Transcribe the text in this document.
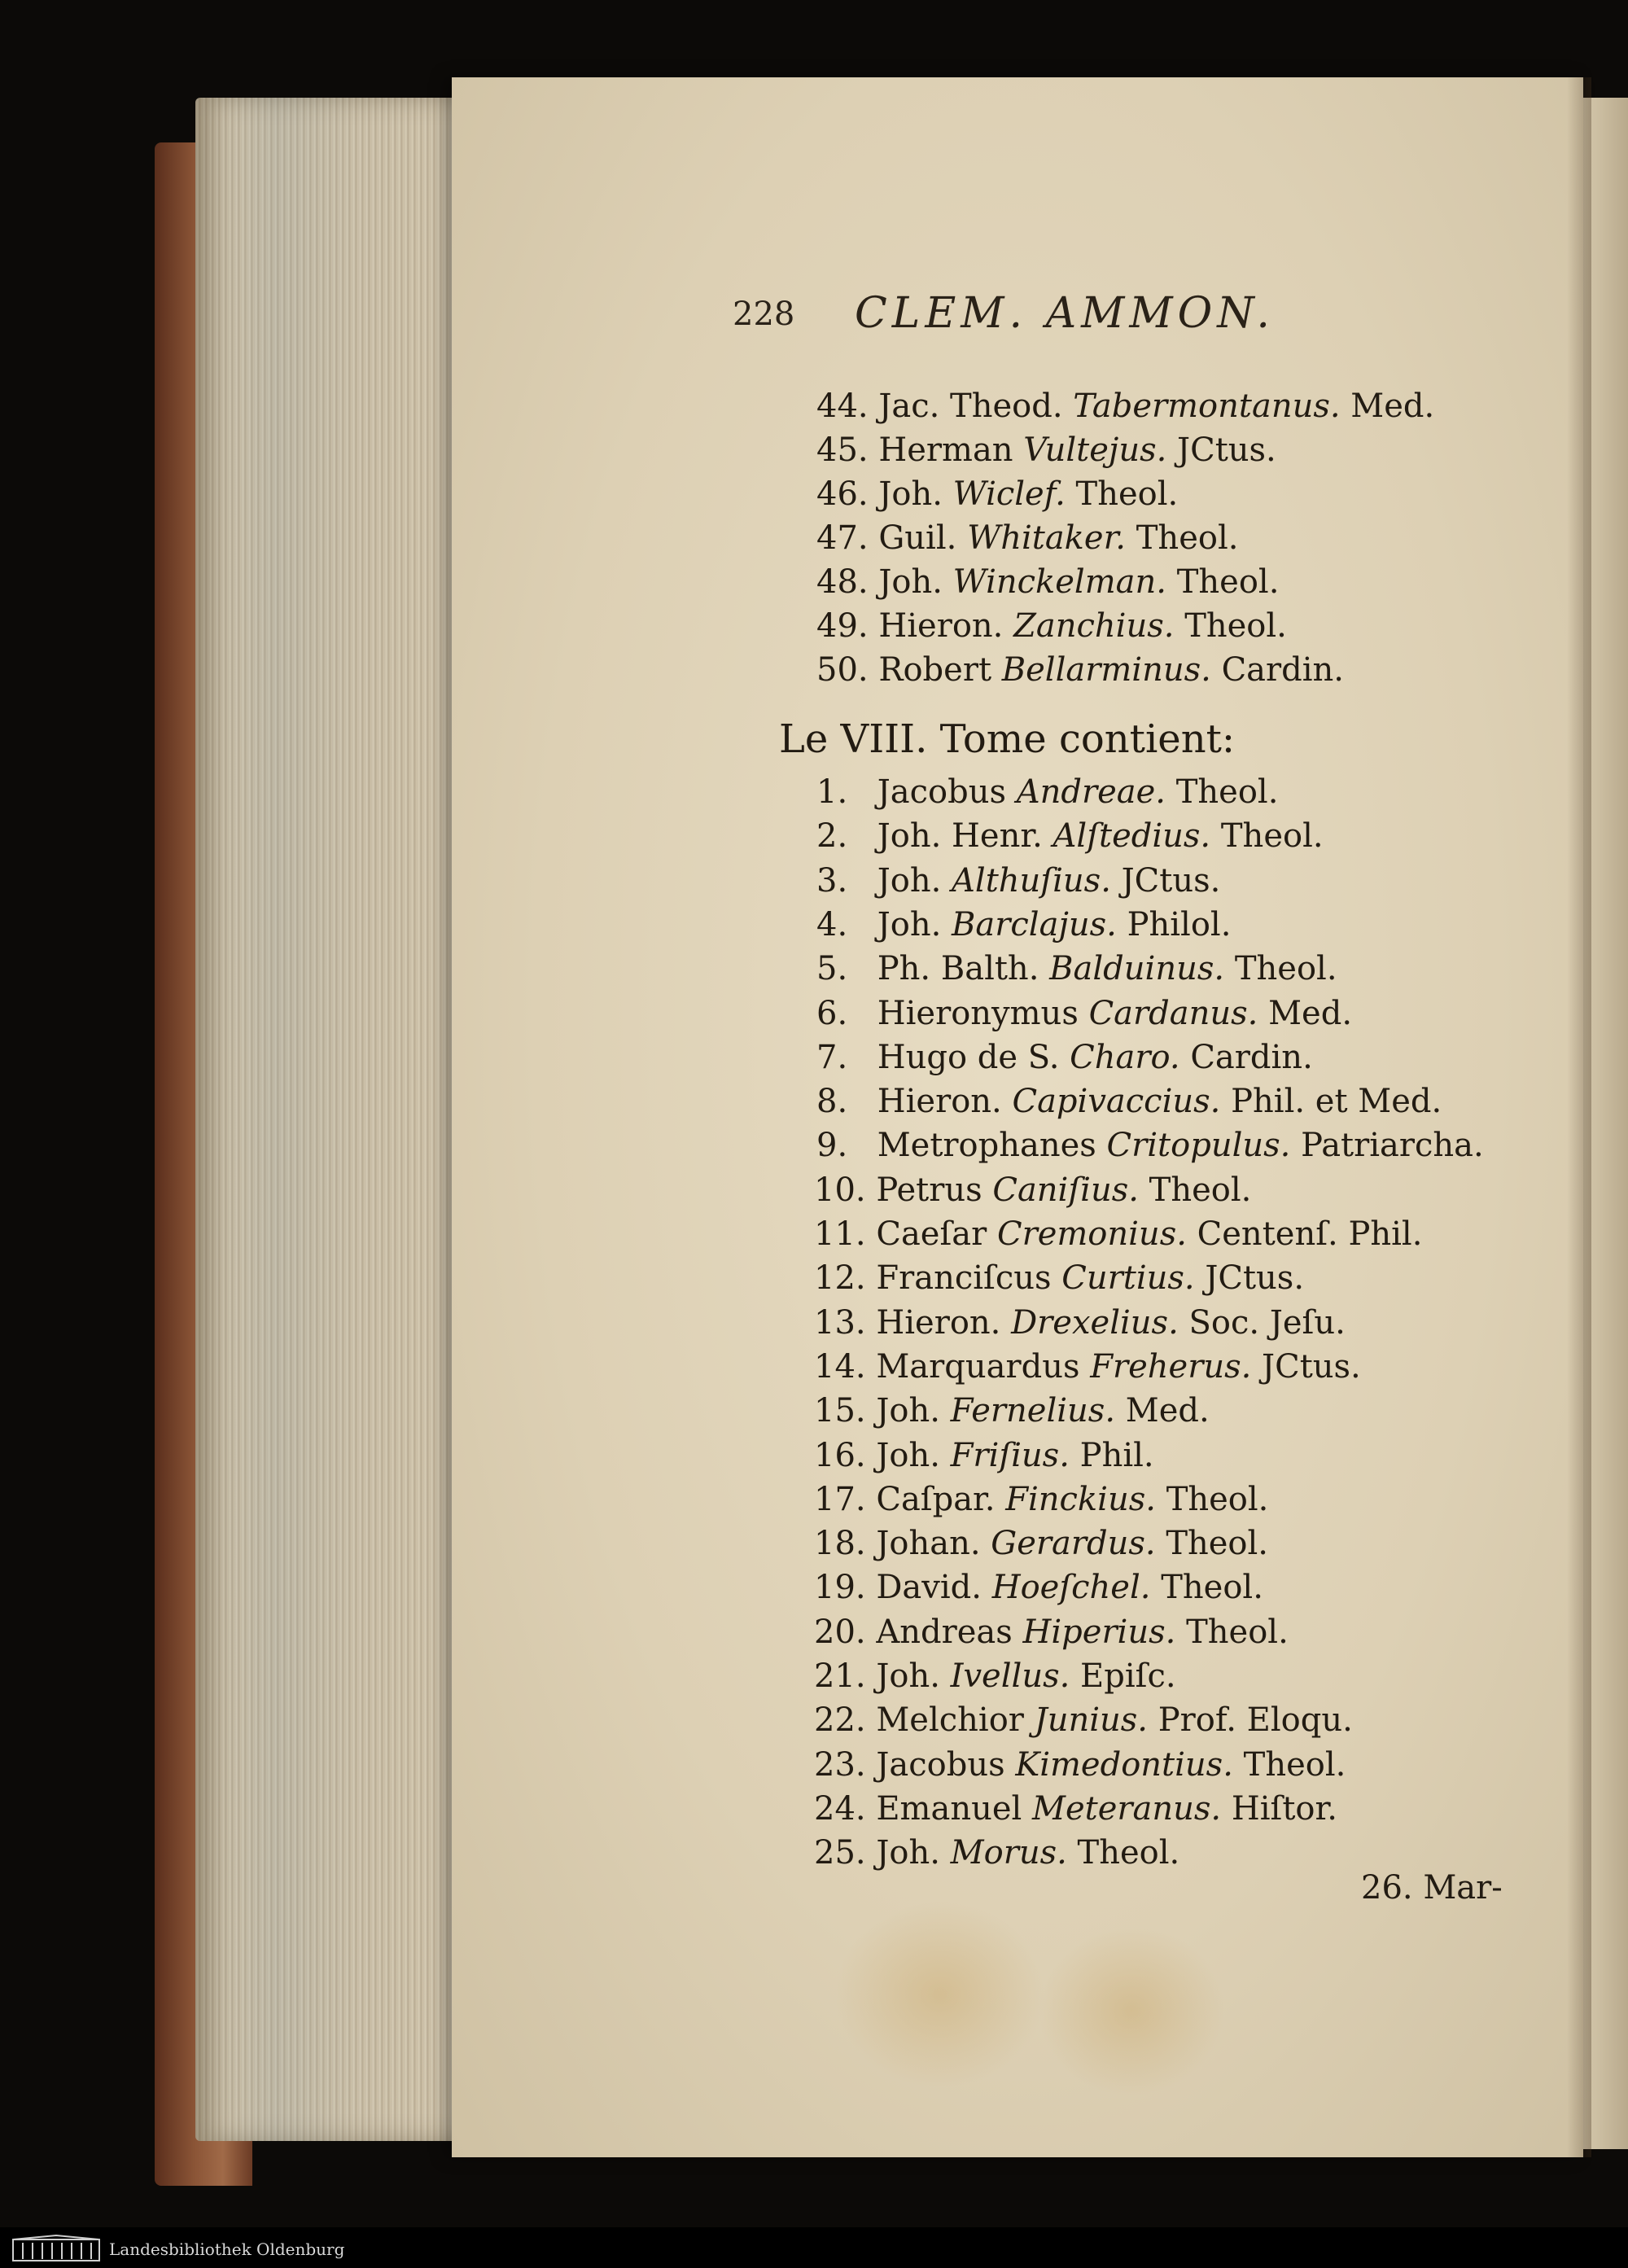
228 CLEM. AMMON.
44. Jac. Theod. Tabermontanus. Med.
45. Herman Vultejus. JCtus.
46. Joh. Wiclef. Theol.
47. Guil. Whitaker. Theol.
48. Joh. Winckelman. Theol.
49. Hieron. Zanchius. Theol.
50. Robert Bellarminus. Cardin.
Le VIII. Tome contient:
1. Jacobus Andreae. Theol.
2. Joh. Henr. Alſtedius. Theol.
3. Joh. Althuſius. JCtus.
4. Joh. Barclajus. Philol.
5. Ph. Balth. Balduinus. Theol.
6. Hieronymus Cardanus. Med.
7. Hugo de S. Charo. Cardin.
8. Hieron. Capivaccius. Phil. et Med.
9. Metrophanes Critopulus. Patriarcha.
10. Petrus Caniſius. Theol.
11. Caeſar Cremonius. Centenſ. Phil.
12. Franciſcus Curtius. JCtus.
13. Hieron. Drexelius. Soc. Jeſu.
14. Marquardus Freherus. JCtus.
15. Joh. Fernelius. Med.
16. Joh. Friſius. Phil.
17. Caſpar. Finckius. Theol.
18. Johan. Gerardus. Theol.
19. David. Hoeſchel. Theol.
20. Andreas Hiperius. Theol.
21. Joh. Ivellus. Epiſc.
22. Melchior Junius. Prof. Eloqu.
23. Jacobus Kimedontius. Theol.
24. Emanuel Meteranus. Hiſtor.
25. Joh. Morus. Theol.
26. Mar-
Landesbibliothek Oldenburg
